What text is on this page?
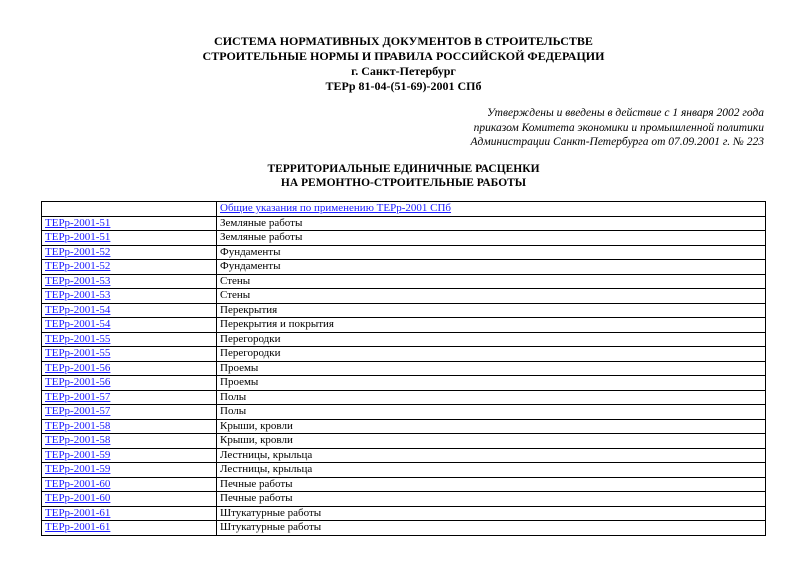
СИСТЕМА НОРМАТИВНЫХ ДОКУМЕНТОВ В СТРОИТЕЛЬСТВЕ
СТРОИТЕЛЬНЫЕ НОРМЫ И ПРАВИЛА РОССИЙСКОЙ ФЕДЕРАЦИИ
г. Санкт-Петербург
ТЕРр 81-04-(51-69)-2001 СПб
Утверждены и введены в действие с 1 января 2002 года
приказом Комитета экономики и промышленной политики
Администрации Санкт-Петербурга от 07.09.2001 г. № 223
ТЕРРИТОРИАЛЬНЫЕ ЕДИНИЧНЫЕ РАСЦЕНКИ
НА РЕМОНТНО-СТРОИТЕЛЬНЫЕ РАБОТЫ
	Общие указания по применению ТЕРр-2001 СПб
ТЕРр-2001-51	Земляные работы
ТЕРр-2001-51	Земляные работы
ТЕРр-2001-52	Фундаменты
ТЕРр-2001-52	Фундаменты
ТЕРр-2001-53	Стены
ТЕРр-2001-53	Стены
ТЕРр-2001-54	Перекрытия
ТЕРр-2001-54	Перекрытия и покрытия
ТЕРр-2001-55	Перегородки
ТЕРр-2001-55	Перегородки
ТЕРр-2001-56	Проемы
ТЕРр-2001-56	Проемы
ТЕРр-2001-57	Полы
ТЕРр-2001-57	Полы
ТЕРр-2001-58	Крыши, кровли
ТЕРр-2001-58	Крыши, кровли
ТЕРр-2001-59	Лестницы, крыльца
ТЕРр-2001-59	Лестницы, крыльца
ТЕРр-2001-60	Печные работы
ТЕРр-2001-60	Печные работы
ТЕРр-2001-61	Штукатурные работы
ТЕРр-2001-61	Штукатурные работы
